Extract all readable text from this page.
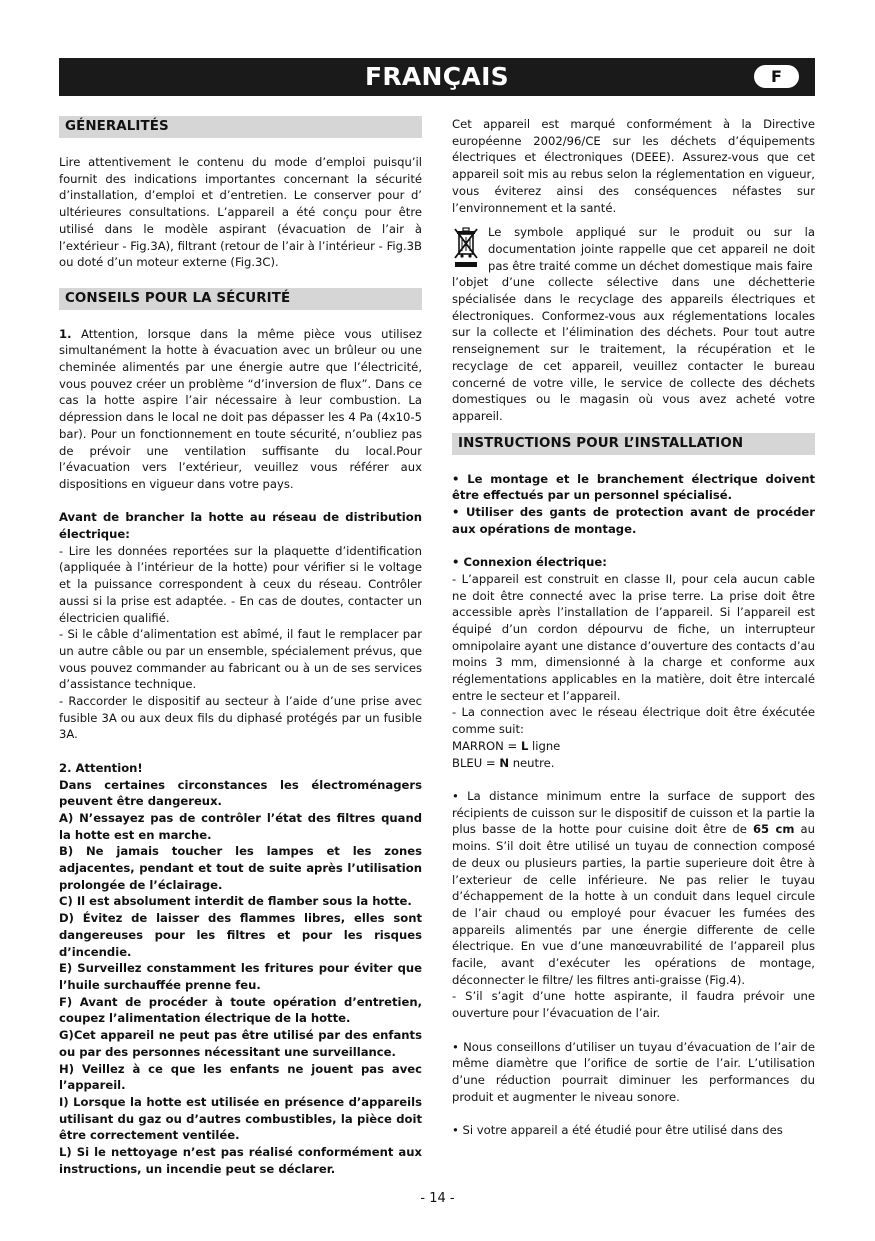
FRANÇAIS	F
GÉNERALITÉS

Lire attentivement le contenu du mode d’emploi puisqu’il fournit des indications importantes concernant la sécurité d’installation, d’emploi et d’entretien. Le conserver pour d’ ultérieures consultations. L’appareil a été conçu pour être utilisé dans le modèle aspirant (évacuation de l’air à l’extérieur - Fig.3A), filtrant (retour de l’air à l’intérieur - Fig.3B ou doté d’un moteur externe (Fig.3C).

CONSEILS POUR LA SÉCURITÉ

1. Attention, lorsque dans la même pièce vous utilisez simultanément la hotte à évacuation avec un brûleur ou une cheminée alimentés par une énergie autre que l’électricité, vous pouvez créer un problème “d’inversion de flux”. Dans ce cas la hotte aspire l’air nécessaire à leur combustion. La dépression dans le local ne doit pas dépasser les 4 Pa (4x10-5 bar). Pour un fonctionnement en toute sécurité, n’oubliez pas de prévoir une ventilation suffisante du local.Pour l’évacuation vers l’extérieur, veuillez vous référer aux dispositions en vigueur dans votre pays.

Avant de brancher la hotte au réseau de distribution électrique:

- Lire les données reportées sur la plaquette d’identification (appliquée à l’intérieur de la hotte) pour vérifier si le voltage et la puissance correspondent à ceux du réseau. Contrôler aussi si la prise est adaptée. - En cas de doutes, contacter un électricien qualifié.

- Si le câble d’alimentation est abîmé, il faut le remplacer par un autre câble ou par un ensemble, spécialement prévus, que vous pouvez commander au fabricant ou à un de ses services d’assistance technique.

- Raccorder le dispositif au secteur à l’aide d’une prise avec fusible 3A ou aux deux fils du diphasé protégés par un fusible 3A.

2. Attention!

Dans certaines circonstances les électroménagers peuvent être dangereux.

A) N’essayez pas de contrôler l’état des filtres quand la hotte est en marche.

B) Ne jamais toucher les lampes et les zones adjacentes, pendant et tout de suite après l’utilisation prolongée de l’éclairage.

C) Il est absolument interdit de flamber sous la hotte.

D) Évitez de laisser des flammes libres, elles sont dangereuses pour les filtres et pour les risques d’incendie.

E) Surveillez constamment les fritures pour éviter que l’huile surchauffée prenne feu.

F) Avant de procéder à toute opération d’entretien, coupez l’alimentation électrique de la hotte.

G)Cet appareil ne peut pas être utilisé par des enfants ou par des personnes nécessitant une surveillance.

H) Veillez à ce que les enfants ne jouent pas avec l’appareil.

I) Lorsque la hotte est utilisée en présence d’appareils utilisant du gaz ou d’autres combustibles, la pièce doit être correctement ventilée.

L) Si le nettoyage n’est pas réalisé conformément aux instructions, un incendie peut se déclarer.

Cet appareil est marqué conformément à la Directive européenne 2002/96/CE sur les déchets d’équipements électriques et électroniques (DEEE). Assurez-vous que cet appareil soit mis au rebus selon la réglementation en vigueur, vous éviterez ainsi des conséquences néfastes sur l’environnement et la santé.

Le symbole appliqué sur le produit ou sur la documentation jointe rappelle que cet appareil ne doit pas être traité comme un déchet domestique mais faire

l’objet d’une collecte sélective dans une déchetterie spécialisée dans le recyclage des appareils électriques et électroniques. Conformez-vous aux réglementations locales sur la collecte et l’élimination des déchets. Pour tout autre renseignement sur le traitement, la récupération et le recyclage de cet appareil, veuillez contacter le bureau concerné de votre ville, le service de collecte des déchets domestiques ou le magasin où vous avez acheté votre appareil.

INSTRUCTIONS POUR L’INSTALLATION

• Le montage et le branchement électrique doivent être effectués par un personnel spécialisé.

• Utiliser des gants de protection avant de procéder aux opérations de montage.

• Connexion électrique:

- L’appareil est construit en classe II, pour cela aucun cable ne doit être connecté avec la prise terre. La prise doit être accessible après l’installation de l’appareil. Si l’appareil est équipé d’un cordon dépourvu de fiche, un interrupteur omnipolaire ayant une distance d’ouverture des contacts d’au moins 3 mm, dimensionné à la charge et conforme aux réglementations applicables en la matière, doit être intercalé entre le secteur et l’appareil.

- La connection avec le réseau électrique doit être éxécutée comme suit:

MARRON = L ligne

BLEU = N neutre.

• La distance minimum entre la surface de support des récipients de cuisson sur le dispositif de cuisson et la partie la plus basse de la hotte pour cuisine doit être de 65 cm au moins. S’il doit être utilisé un tuyau de connection composé de deux ou plusieurs parties, la partie superieure doit être à l’exterieur de celle inférieure. Ne pas relier le tuyau d’échappement de la hotte à un conduit dans lequel circule de l’air chaud ou employé pour évacuer les fumées des appareils alimentés par une énergie differente de celle électrique. En vue d’une manœuvrabilité de l’appareil plus facile, avant d’exécuter les opérations de montage, déconnecter le filtre/ les filtres anti-graisse (Fig.4).

- S’il s’agit d’une hotte aspirante, il faudra prévoir une ouverture pour l’évacuation de l’air.

• Nous conseillons d’utiliser un tuyau d’évacuation de l’air de même diamètre que l’orifice de sortie de l’air. L’utilisation d’une réduction pourrait diminuer les performances du produit et augmenter le niveau sonore.

• Si votre appareil a été étudié pour être utilisé dans des

- 14 -
